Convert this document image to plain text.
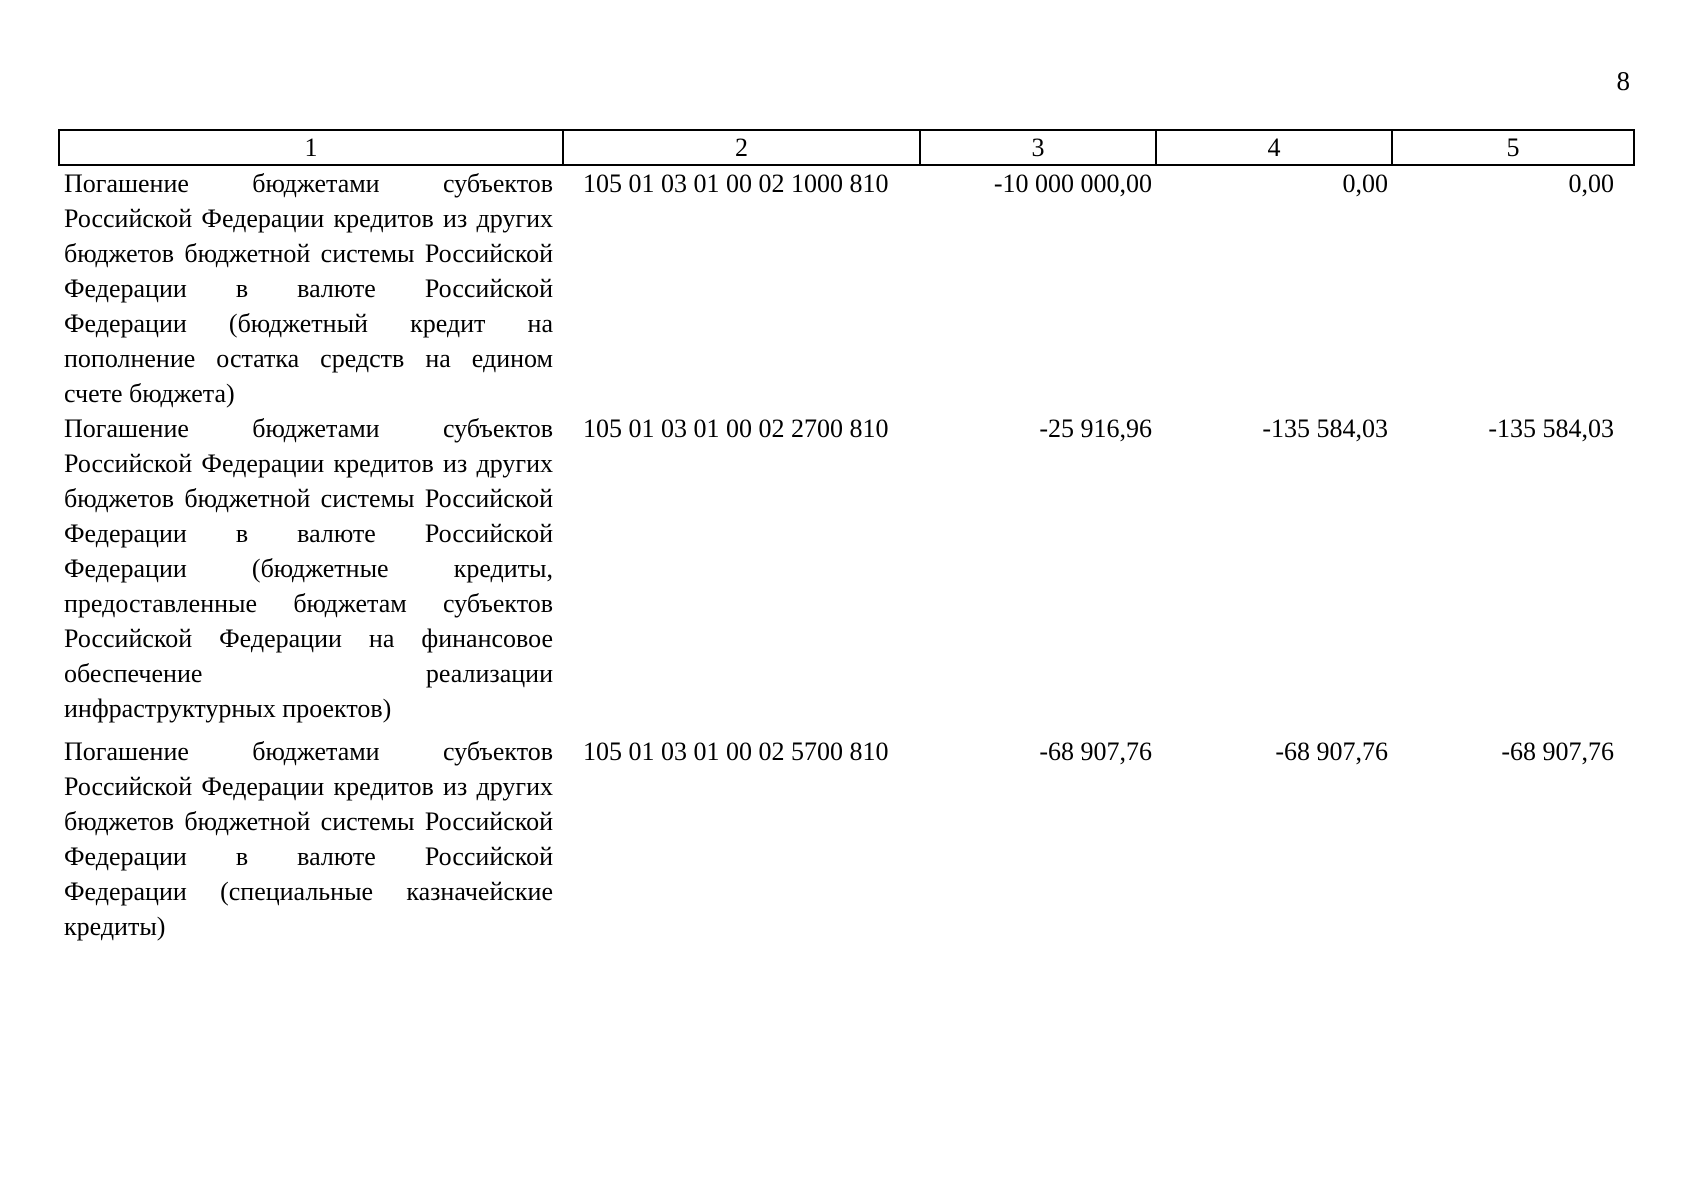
8
1	2	3	4	5
Погашение бюджетами субъектов Российской Федерации кредитов из других бюджетов бюджетной системы Российской Федерации в валюте Российской Федерации (бюджетный кредит на пополнение остатка средств на едином счете бюджета)	105 01 03 01 00 02 1000 810	-10 000 000,00	0,00	0,00
Погашение бюджетами субъектов Российской Федерации кредитов из других бюджетов бюджетной системы Российской Федерации в валюте Российской Федерации (бюджетные кредиты, предоставленные бюджетам субъектов Российской Федерации на финансовое обеспечение реализации инфраструктурных проектов)	105 01 03 01 00 02 2700 810	-25 916,96	-135 584,03	-135 584,03
Погашение бюджетами субъектов Российской Федерации кредитов из других бюджетов бюджетной системы Российской Федерации в валюте Российской Федерации (специальные казначейские кредиты)	105 01 03 01 00 02 5700 810	-68 907,76	-68 907,76	-68 907,76
